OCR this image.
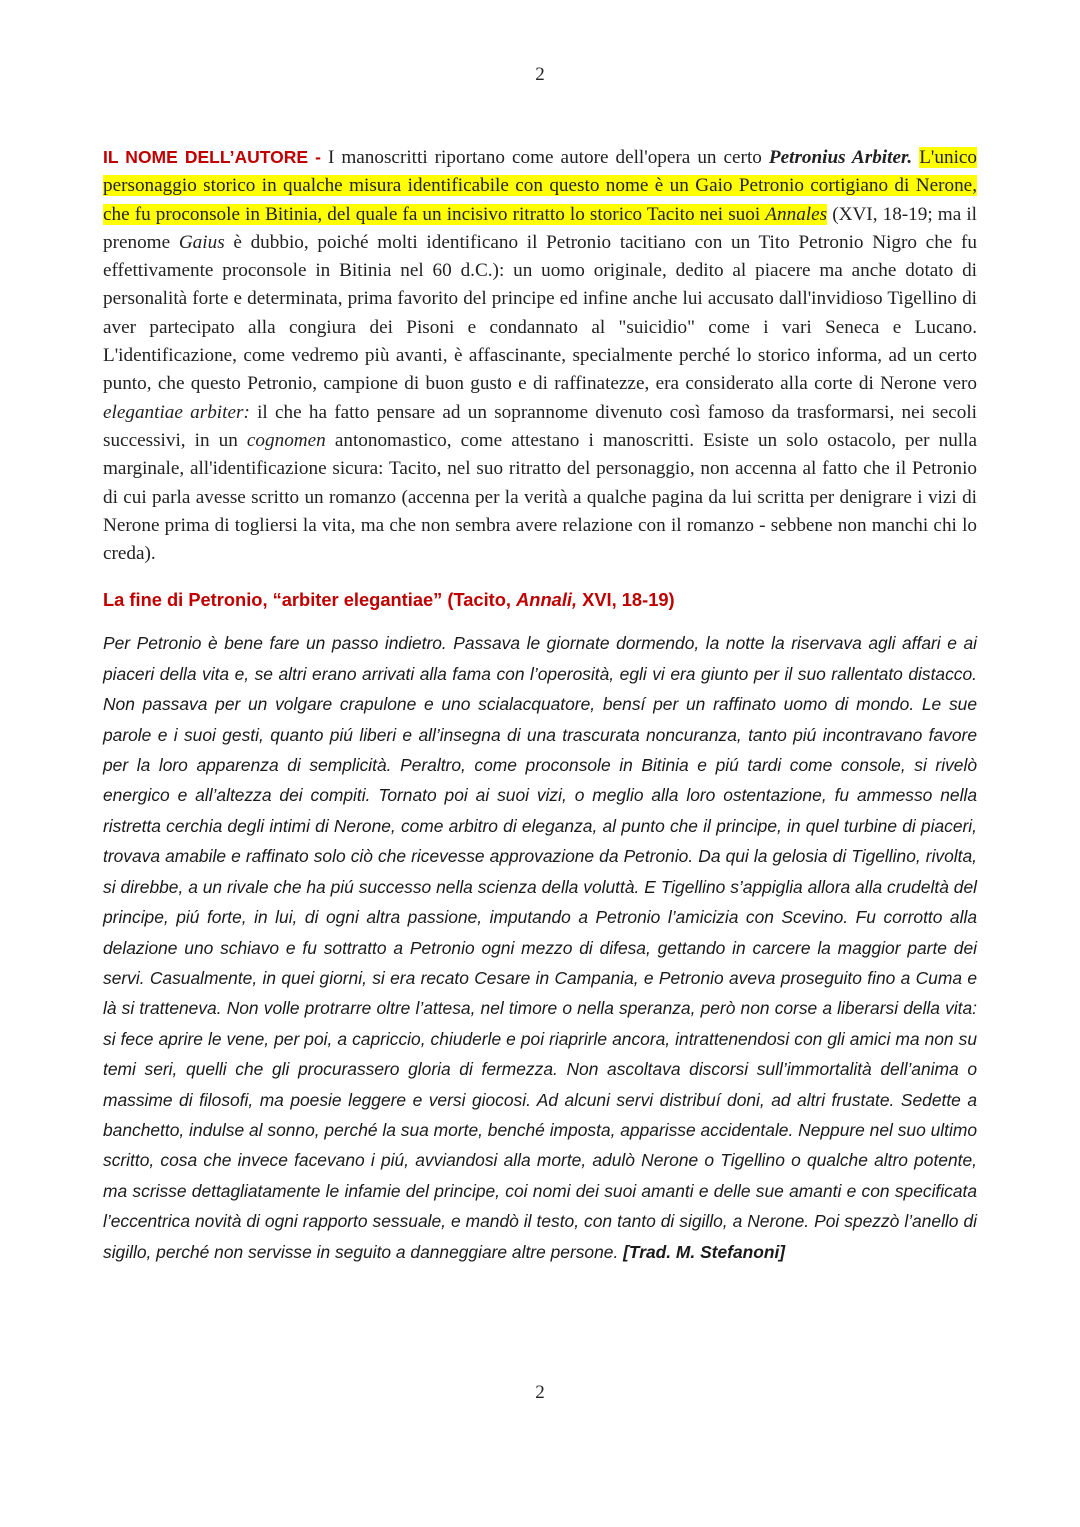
2

IL NOME DELL’AUTORE - I manoscritti riportano come autore dell'opera un certo Petronius Arbiter. L'unico personaggio storico in qualche misura identificabile con questo nome è un Gaio Petronio cortigiano di Nerone, che fu proconsole in Bitinia, del quale fa un incisivo ritratto lo storico Tacito nei suoi Annales (XVI, 18-19; ma il prenome Gaius è dubbio, poiché molti identificano il Petronio tacitiano con un Tito Petronio Nigro che fu effettivamente proconsole in Bitinia nel 60 d.C.): un uomo originale, dedito al piacere ma anche dotato di personalità forte e determinata, prima favorito del principe ed infine anche lui accusato dall'invidioso Tigellino di aver partecipato alla congiura dei Pisoni e condannato al "suicidio" come i vari Seneca e Lucano. L'identificazione, come vedremo più avanti, è affascinante, specialmente perché lo storico informa, ad un certo punto, che questo Petronio, campione di buon gusto e di raffinatezze, era considerato alla corte di Nerone vero elegantiae arbiter: il che ha fatto pensare ad un soprannome divenuto così famoso da trasformarsi, nei secoli successivi, in un cognomen antonomastico, come attestano i manoscritti. Esiste un solo ostacolo, per nulla marginale, all'identificazione sicura: Tacito, nel suo ritratto del personaggio, non accenna al fatto che il Petronio di cui parla avesse scritto un romanzo (accenna per la verità a qualche pagina da lui scritta per denigrare i vizi di Nerone prima di togliersi la vita, ma che non sembra avere relazione con il romanzo - sebbene non manchi chi lo creda).

La fine di Petronio, “arbiter elegantiae” (Tacito, Annali, XVI, 18-19)

Per Petronio è bene fare un passo indietro. Passava le giornate dormendo, la notte la riservava agli affari e ai piaceri della vita e, se altri erano arrivati alla fama con l’operosità, egli vi era giunto per il suo rallentato distacco. Non passava per un volgare crapulone e uno scialacquatore, bensí per un raffinato uomo di mondo. Le sue parole e i suoi gesti, quanto piú liberi e all’insegna di una trascurata noncuranza, tanto piú incontravano favore per la loro apparenza di semplicità. Peraltro, come proconsole in Bitinia e piú tardi come console, si rivelò energico e all’altezza dei compiti. Tornato poi ai suoi vizi, o meglio alla loro ostentazione, fu ammesso nella ristretta cerchia degli intimi di Nerone, come arbitro di eleganza, al punto che il principe, in quel turbine di piaceri, trovava amabile e raffinato solo ciò che ricevesse approvazione da Petronio. Da qui la gelosia di Tigellino, rivolta, si direbbe, a un rivale che ha piú successo nella scienza della voluttà. E Tigellino s’appiglia allora alla crudeltà del principe, piú forte, in lui, di ogni altra passione, imputando a Petronio l’amicizia con Scevino. Fu corrotto alla delazione uno schiavo e fu sottratto a Petronio ogni mezzo di difesa, gettando in carcere la maggior parte dei servi. Casualmente, in quei giorni, si era recato Cesare in Campania, e Petronio aveva proseguito fino a Cuma e là si tratteneva. Non volle protrarre oltre l’attesa, nel timore o nella speranza, però non corse a liberarsi della vita: si fece aprire le vene, per poi, a capriccio, chiuderle e poi riaprirle ancora, intrattenendosi con gli amici ma non su temi seri, quelli che gli procurassero gloria di fermezza. Non ascoltava discorsi sull’immortalità dell’anima o massime di filosofi, ma poesie leggere e versi giocosi. Ad alcuni servi distribuí doni, ad altri frustate. Sedette a banchetto, indulse al sonno, perché la sua morte, benché imposta, apparisse accidentale. Neppure nel suo ultimo scritto, cosa che invece facevano i piú, avviandosi alla morte, adulò Nerone o Tigellino o qualche altro potente, ma scrisse dettagliatamente le infamie del principe, coi nomi dei suoi amanti e delle sue amanti e con specificata l’eccentrica novità di ogni rapporto sessuale, e mandò il testo, con tanto di sigillo, a Nerone. Poi spezzò l’anello di sigillo, perché non servisse in seguito a danneggiare altre persone. [Trad. M. Stefanoni]

2
